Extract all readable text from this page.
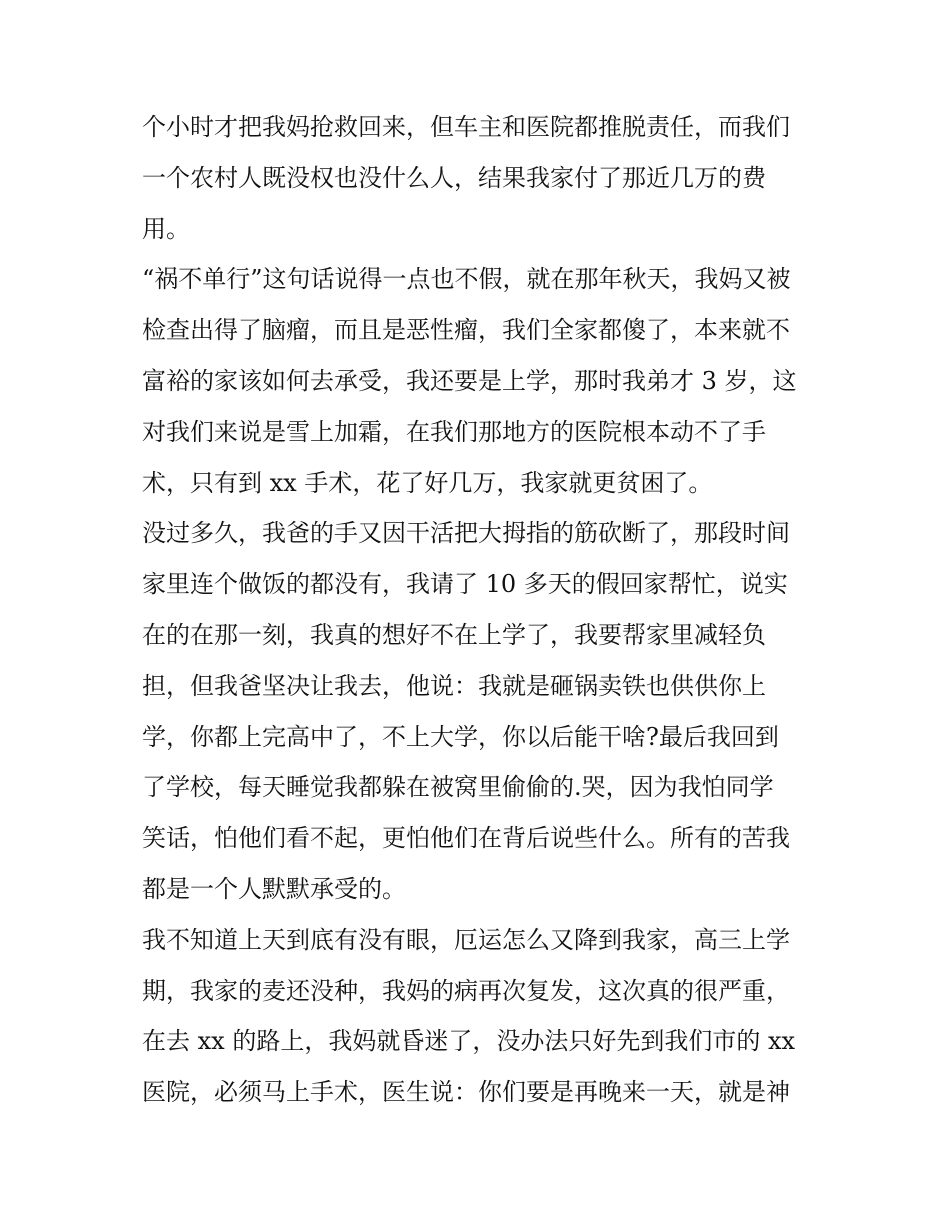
个小时才把我妈抢救回来，但车主和医院都推脱责任，而我们
一个农村人既没权也没什么人，结果我家付了那近几万的费
用。

“祸不单行”这句话说得一点也不假，就在那年秋天，我妈又被
检查出得了脑瘤，而且是恶性瘤，我们全家都傻了，本来就不
富裕的家该如何去承受，我还要是上学，那时我弟才 3 岁，这
对我们来说是雪上加霜，在我们那地方的医院根本动不了手
术，只有到 xx 手术，花了好几万，我家就更贫困了。

没过多久，我爸的手又因干活把大拇指的筋砍断了，那段时间
家里连个做饭的都没有，我请了 10 多天的假回家帮忙，说实
在的在那一刻，我真的想好不在上学了，我要帮家里减轻负
担，但我爸坚决让我去，他说：我就是砸锅卖铁也供供你上
学，你都上完高中了，不上大学，你以后能干啥?最后我回到
了学校，每天睡觉我都躲在被窝里偷偷的.哭，因为我怕同学
笑话，怕他们看不起，更怕他们在背后说些什么。所有的苦我
都是一个人默默承受的。

我不知道上天到底有没有眼，厄运怎么又降到我家，高三上学
期，我家的麦还没种，我妈的病再次复发，这次真的很严重，
在去 xx 的路上，我妈就昏迷了，没办法只好先到我们市的 xx
医院，必须马上手术，医生说：你们要是再晚来一天，就是神
